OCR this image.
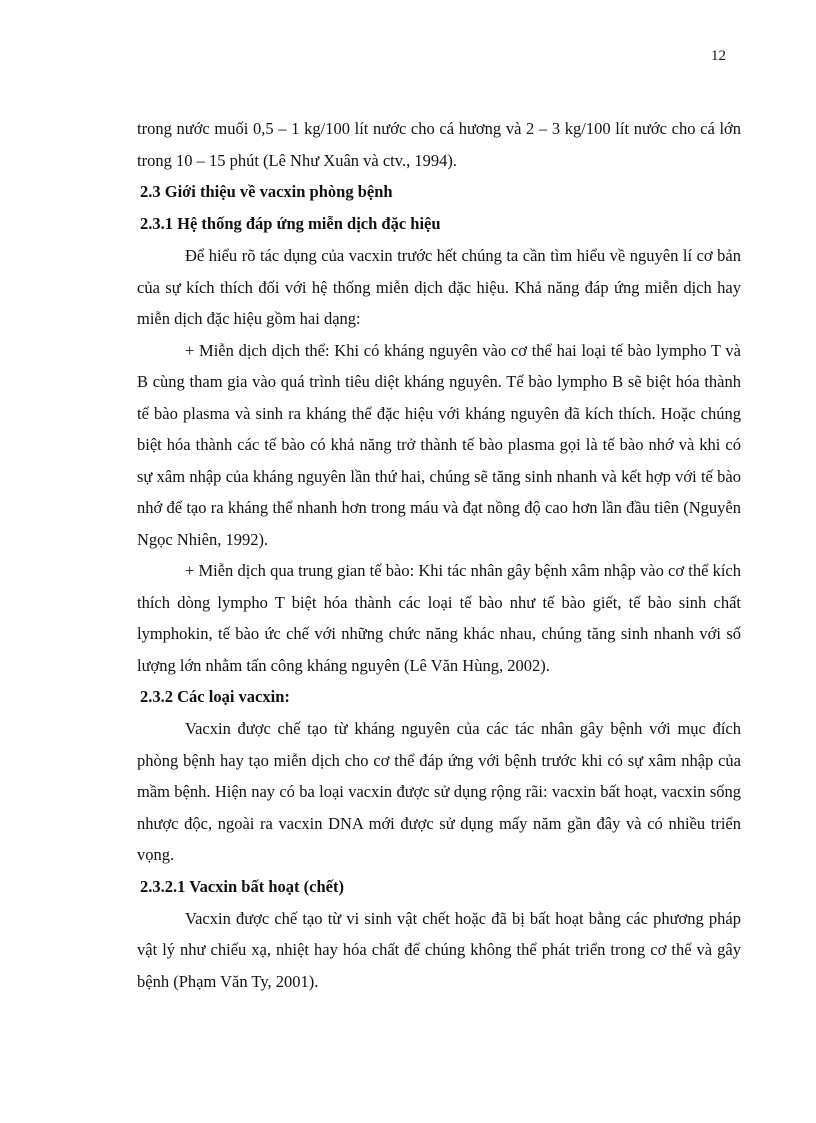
12

trong nước muối 0,5 – 1 kg/100 lít nước cho cá hương và 2 – 3 kg/100 lít nước cho cá lớn trong 10 – 15 phút (Lê Như Xuân và ctv., 1994).

2.3 Giới thiệu về vacxin phòng bệnh
2.3.1 Hệ thống đáp ứng miễn dịch đặc hiệu

Để hiểu rõ tác dụng của vacxin trước hết chúng ta cần tìm hiểu về nguyên lí cơ bản của sự kích thích đối với hệ thống miễn dịch đặc hiệu. Khả năng đáp ứng miễn dịch hay miễn dịch đặc hiệu gồm hai dạng:

+ Miễn dịch dịch thể: Khi có kháng nguyên vào cơ thể hai loại tế bào lympho T và B cùng tham gia vào quá trình tiêu diệt kháng nguyên. Tế bào lympho B sẽ biệt hóa thành tế bào plasma và sinh ra kháng thể đặc hiệu với kháng nguyên đã kích thích. Hoặc chúng biệt hóa thành các tế bào có khả năng trở thành tế bào plasma gọi là tế bào nhớ và khi có sự xâm nhập của kháng nguyên lần thứ hai, chúng sẽ tăng sinh nhanh và kết hợp với tế bào nhớ để tạo ra kháng thể nhanh hơn trong máu và đạt nồng độ cao hơn lần đầu tiên (Nguyễn Ngọc Nhiên, 1992).

+ Miễn dịch qua trung gian tế bào: Khi tác nhân gây bệnh xâm nhập vào cơ thể kích thích dòng lympho T biệt hóa thành các loại tế bào như tế bào giết, tế bào sinh chất lymphokin, tế bào ức chế với những chức năng khác nhau, chúng tăng sinh nhanh với số lượng lớn nhằm tấn công kháng nguyên (Lê Văn Hùng, 2002).

2.3.2 Các loại vacxin:

Vacxin được chế tạo từ kháng nguyên của các tác nhân gây bệnh với mục đích phòng bệnh hay tạo miễn dịch cho cơ thể đáp ứng với bệnh trước khi có sự xâm nhập của mầm bệnh. Hiện nay có ba loại vacxin được sử dụng rộng rãi: vacxin bất hoạt, vacxin sống nhược độc, ngoài ra vacxin DNA mới được sử dụng mấy năm gần đây và có nhiều triển vọng.

2.3.2.1 Vacxin bất hoạt (chết)

Vacxin được chế tạo từ vi sinh vật chết hoặc đã bị bất hoạt bằng các phương pháp vật lý như chiếu xạ, nhiệt hay hóa chất để chúng không thể phát triển trong cơ thể và gây bệnh (Phạm Văn Ty, 2001).
